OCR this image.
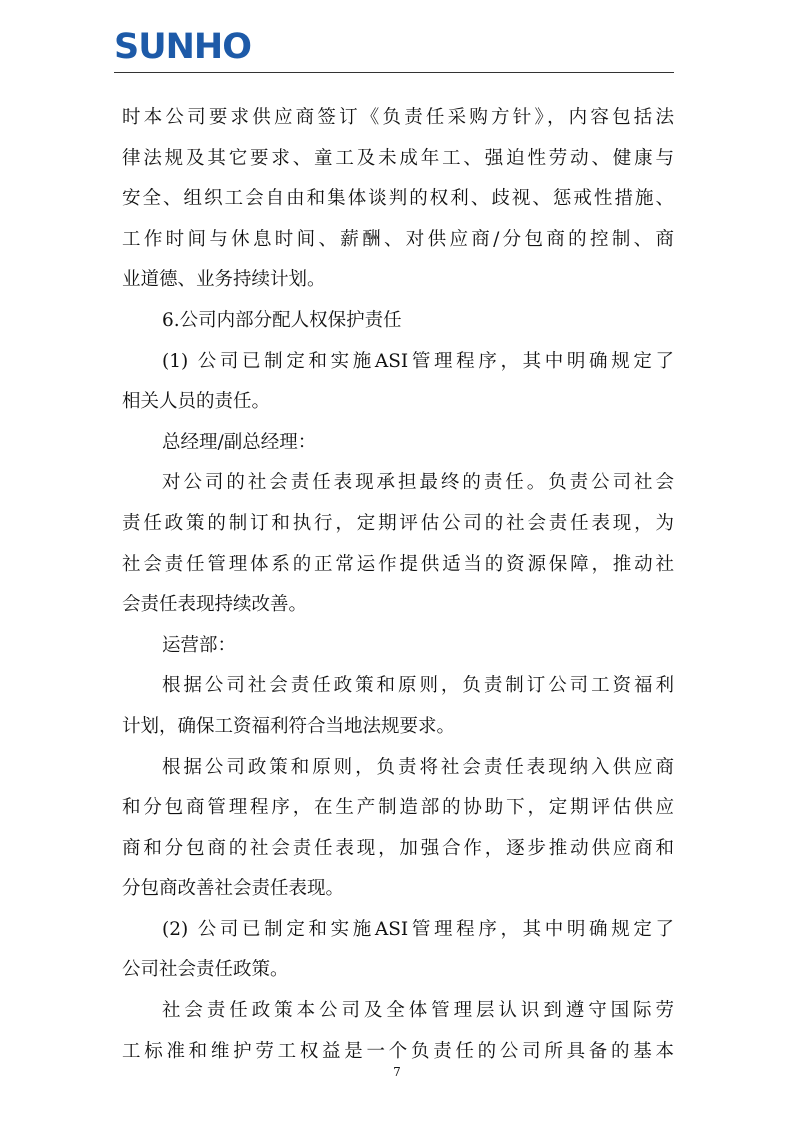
SUNHO
时本公司要求供应商签订《负责任采购方针》，内容包括法
律法规及其它要求、童工及未成年工、强迫性劳动、健康与
安全、组织工会自由和集体谈判的权利、歧视、惩戒性措施、
工作时间与休息时间、薪酬、对供应商/分包商的控制、商
业道德、业务持续计划。
6.公司内部分配人权保护责任
(1) 公司已制定和实施ASI管理程序，其中明确规定了
相关人员的责任。
总经理/副总经理：
对公司的社会责任表现承担最终的责任。负责公司社会
责任政策的制订和执行，定期评估公司的社会责任表现，为
社会责任管理体系的正常运作提供适当的资源保障，推动社
会责任表现持续改善。
运营部：
根据公司社会责任政策和原则，负责制订公司工资福利
计划，确保工资福利符合当地法规要求。
根据公司政策和原则，负责将社会责任表现纳入供应商
和分包商管理程序，在生产制造部的协助下，定期评估供应
商和分包商的社会责任表现，加强合作，逐步推动供应商和
分包商改善社会责任表现。
(2) 公司已制定和实施ASI管理程序，其中明确规定了
公司社会责任政策。
社会责任政策本公司及全体管理层认识到遵守国际劳
工标准和维护劳工权益是一个负责任的公司所具备的基本
7
